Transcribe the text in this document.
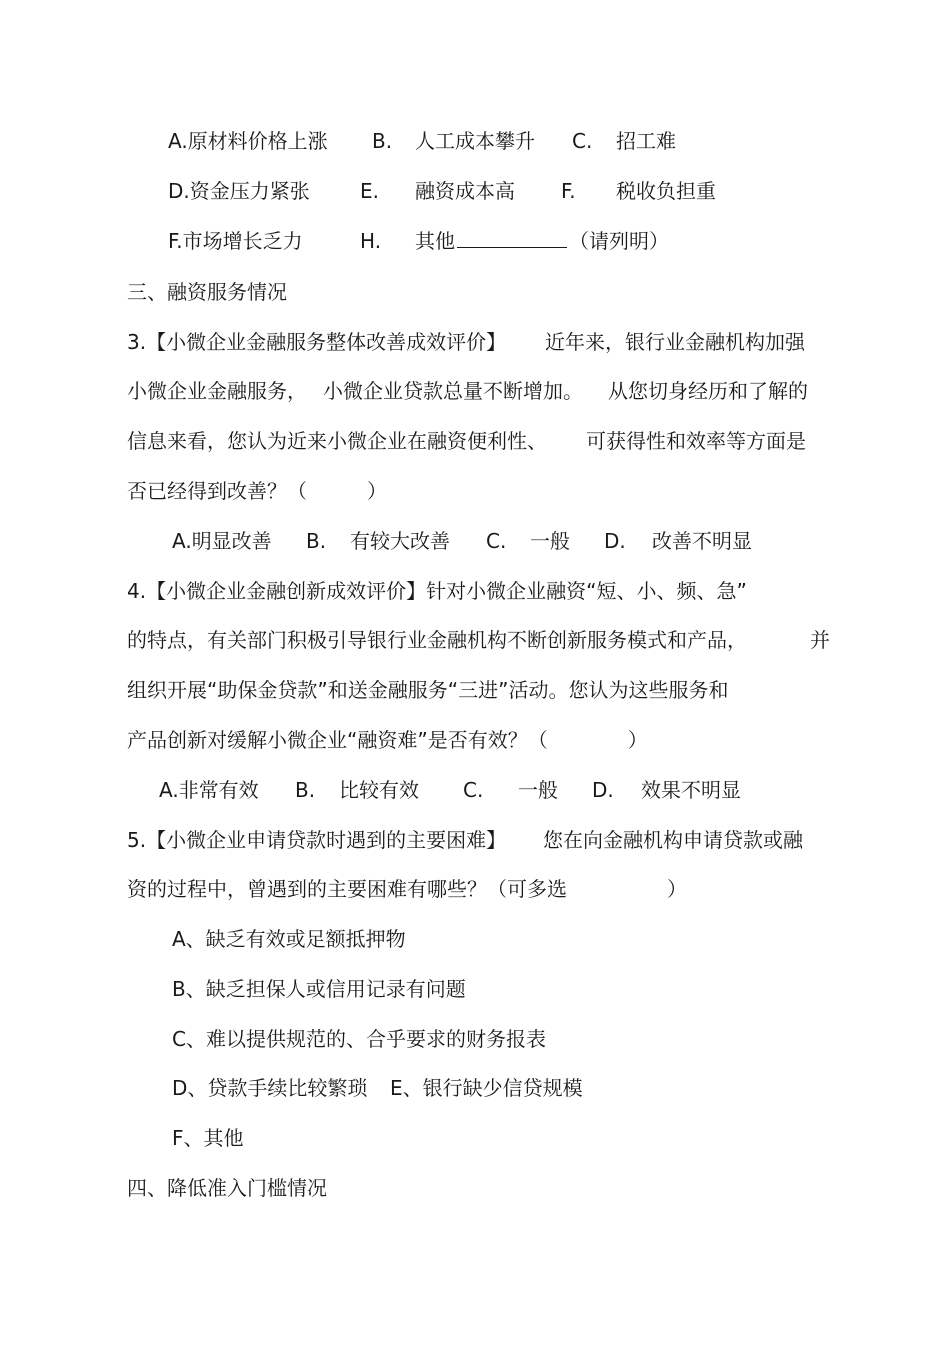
A.原材料价格上涨 B. 人工成本攀升 C. 招工难
D.资金压力紧张	E. 融资成本高 F. 税收负担重
F.市场增长乏力	H. 其他	（请列明）
三、融资服务情况
3.【小微企业金融服务整体改善成效评价】 近年来，银行业金融机构加强
小微企业金融服务， 小微企业贷款总量不断增加。 从您切身经历和了解的
信息来看，您认为近来小微企业在融资便利性、 可获得性和效率等方面是
否已经得到改善？（　　　）
A.明显改善 B. 有较大改善 C. 一般 D. 改善不明显
4.【小微企业金融创新成效评价】针对小微企业融资“短、小、频、急”
的特点，有关部门积极引导银行业金融机构不断创新服务模式和产品，	并
组织开展“助保金贷款”和送金融服务“三进”活动。您认为这些服务和
产品创新对缓解小微企业“融资难”是否有效？（　　　　）
A.非常有效 B. 比较有效 C. 一般 D. 效果不明显
5.【小微企业申请贷款时遇到的主要困难】 您在向金融机构申请贷款或融
资的过程中，曾遇到的主要困难有哪些？（可多选　　　　　）
A、缺乏有效或足额抵押物
B、缺乏担保人或信用记录有问题
C、难以提供规范的、合乎要求的财务报表
D、贷款手续比较繁琐 E、银行缺少信贷规模
F、其他
四、降低准入门槛情况
